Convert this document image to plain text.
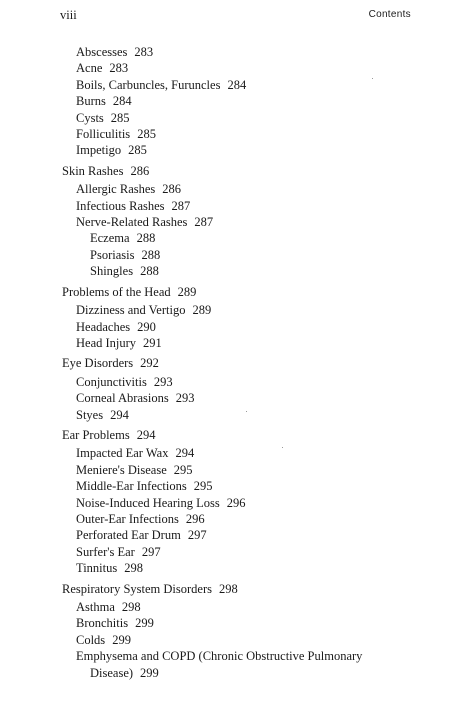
viii	Contents
Abscesses 283
Acne 283
Boils, Carbuncles, Furuncles 284
Burns 284
Cysts 285
Folliculitis 285
Impetigo 285
Skin Rashes 286
Allergic Rashes 286
Infectious Rashes 287
Nerve-Related Rashes 287
Eczema 288
Psoriasis 288
Shingles 288
Problems of the Head 289
Dizziness and Vertigo 289
Headaches 290
Head Injury 291
Eye Disorders 292
Conjunctivitis 293
Corneal Abrasions 293
Styes 294
Ear Problems 294
Impacted Ear Wax 294
Meniere's Disease 295
Middle-Ear Infections 295
Noise-Induced Hearing Loss 296
Outer-Ear Infections 296
Perforated Ear Drum 297
Surfer's Ear 297
Tinnitus 298
Respiratory System Disorders 298
Asthma 298
Bronchitis 299
Colds 299
Emphysema and COPD (Chronic Obstructive Pulmonary Disease) 299
